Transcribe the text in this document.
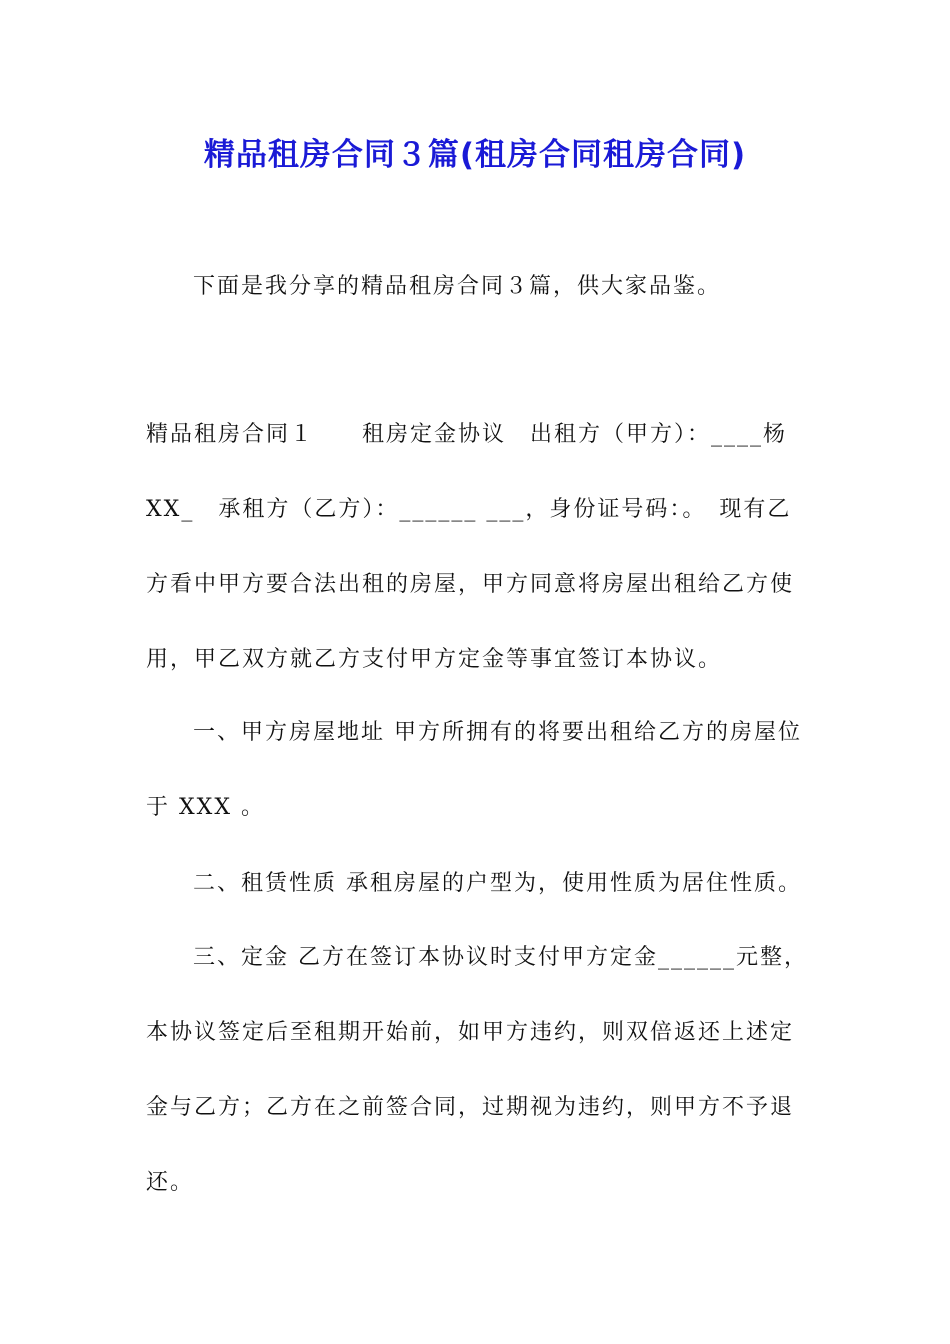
精品租房合同３篇(租房合同租房合同)
下面是我分享的精品租房合同３篇，供大家品鉴。
精品租房合同１　　租房定金协议　出租方（甲方）：____杨
XX_　承租方（乙方）：______ ___，身份证号码：。　现有乙
方看中甲方要合法出租的房屋，甲方同意将房屋出租给乙方使
用，甲乙双方就乙方支付甲方定金等事宜签订本协议。
一、甲方房屋地址 甲方所拥有的将要出租给乙方的房屋位
于 XXX 。
二、租赁性质 承租房屋的户型为，使用性质为居住性质。
三、定金 乙方在签订本协议时支付甲方定金______元整，
本协议签定后至租期开始前，如甲方违约，则双倍返还上述定
金与乙方；乙方在之前签合同，过期视为违约，则甲方不予退
还。
